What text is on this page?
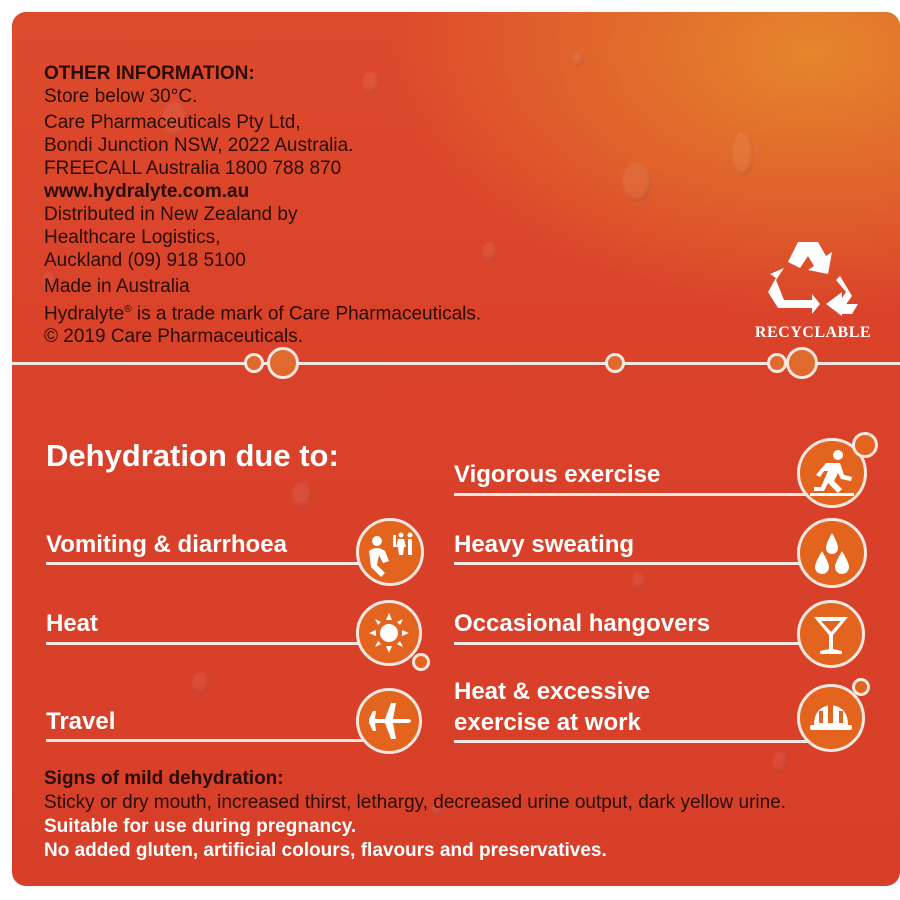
OTHER INFORMATION:
Store below 30°C.
Care Pharmaceuticals Pty Ltd,
Bondi Junction NSW, 2022 Australia.
FREECALL Australia 1800 788 870
www.hydralyte.com.au
Distributed in New Zealand by
Healthcare Logistics,
Auckland (09) 918 5100
Made in Australia
Hydralyte® is a trade mark of Care Pharmaceuticals.
© 2019 Care Pharmaceuticals.	RECYCLABLE
Dehydration due to:
Vomiting & diarrhoea
Heat
Travel
Vigorous exercise
Heavy sweating
Occasional hangovers
Heat & excessive
exercise at work
Signs of mild dehydration:
Sticky or dry mouth, increased thirst, lethargy, decreased urine output, dark yellow urine.
Suitable for use during pregnancy.
No added gluten, artificial colours, flavours and preservatives.
